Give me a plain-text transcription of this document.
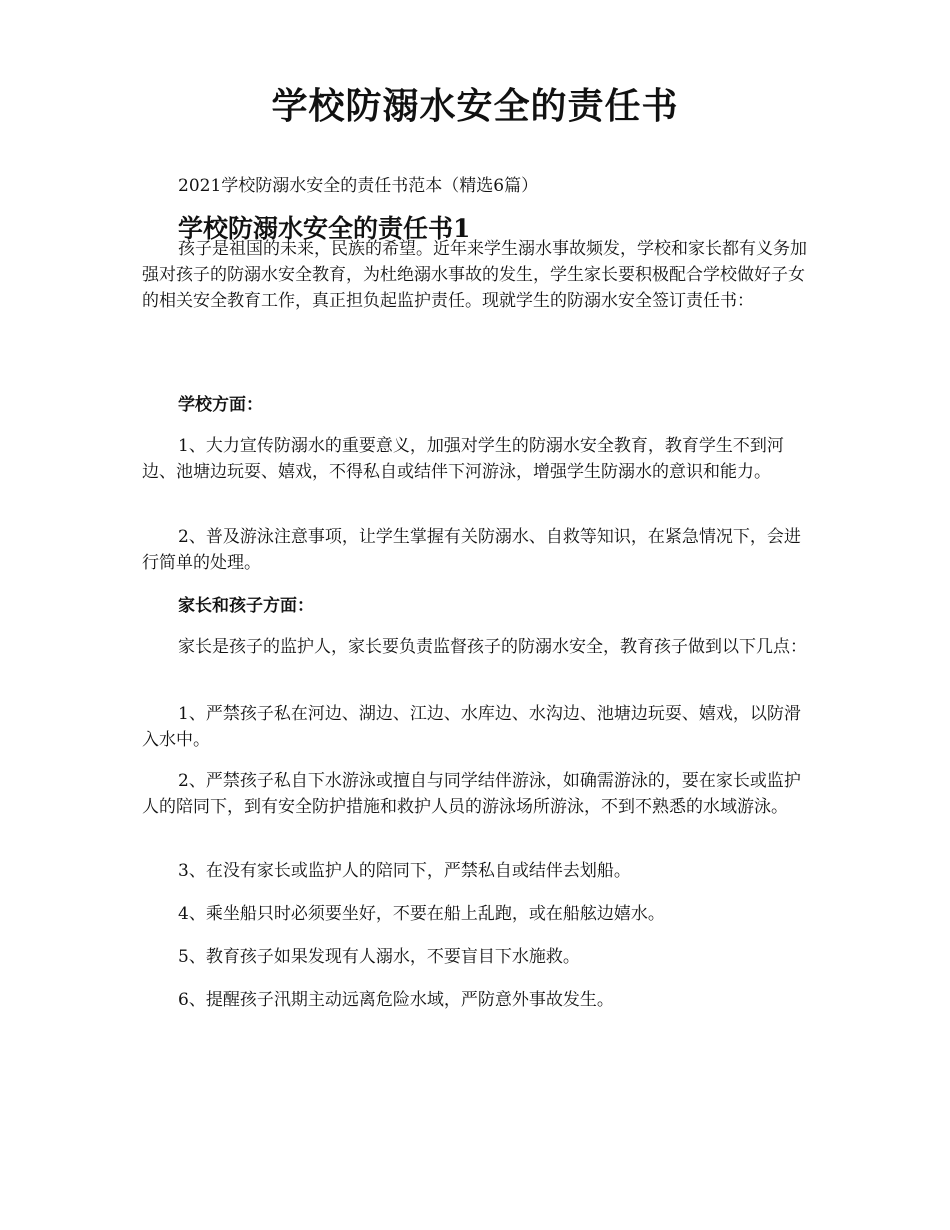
学校防溺水安全的责任书

2021学校防溺水安全的责任书范本（精选6篇）

学校防溺水安全的责任书1

孩子是祖国的未来，民族的希望。近年来学生溺水事故频发，学校和家长都有义务加强对孩子的防溺水安全教育，为杜绝溺水事故的发生，学生家长要积极配合学校做好子女的相关安全教育工作，真正担负起监护责任。现就学生的防溺水安全签订责任书：

学校方面：

1、大力宣传防溺水的重要意义，加强对学生的防溺水安全教育，教育学生不到河边、池塘边玩耍、嬉戏，不得私自或结伴下河游泳，增强学生防溺水的意识和能力。

2、普及游泳注意事项，让学生掌握有关防溺水、自救等知识，在紧急情况下，会进行简单的处理。

家长和孩子方面：

家长是孩子的监护人，家长要负责监督孩子的防溺水安全，教育孩子做到以下几点：

1、严禁孩子私在河边、湖边、江边、水库边、水沟边、池塘边玩耍、嬉戏，以防滑入水中。

2、严禁孩子私自下水游泳或擅自与同学结伴游泳，如确需游泳的，要在家长或监护人的陪同下，到有安全防护措施和救护人员的游泳场所游泳，不到不熟悉的水域游泳。

3、在没有家长或监护人的陪同下，严禁私自或结伴去划船。

4、乘坐船只时必须要坐好，不要在船上乱跑，或在船舷边嬉水。

5、教育孩子如果发现有人溺水，不要盲目下水施救。

6、提醒孩子汛期主动远离危险水域，严防意外事故发生。
